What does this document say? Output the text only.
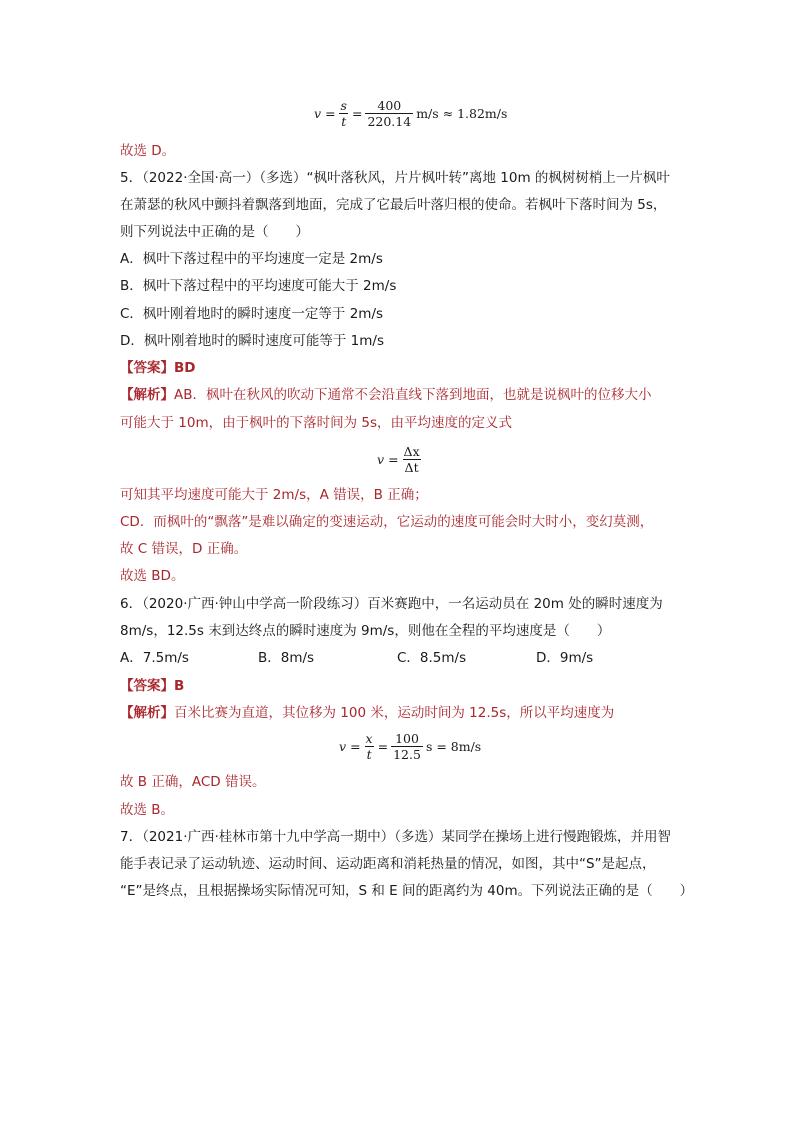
$v = \frac{s}{t} = \frac{400}{220.14} m/s \approx 1.82m/s$
故选 D。
5．（2022·全国·高一）（多选）“枫叶落秋风，片片枫叶转”离地 10m 的枫树树梢上一片枫叶
在萧瑟的秋风中颤抖着飘落到地面，完成了它最后叶落归根的使命。若枫叶下落时间为 5s，
则下列说法中正确的是（　　）
A．枫叶下落过程中的平均速度一定是 2m/s
B．枫叶下落过程中的平均速度可能大于 2m/s
C．枫叶刚着地时的瞬时速度一定等于 2m/s
D．枫叶刚着地时的瞬时速度可能等于 1m/s
【答案】BD
【解析】AB．枫叶在秋风的吹动下通常不会沿直线下落到地面，也就是说枫叶的位移大小
可能大于 10m，由于枫叶的下落时间为 5s，由平均速度的定义式
$v = \frac{\Delta x}{\Delta t}$
可知其平均速度可能大于 2m/s，A 错误，B 正确；
CD．而枫叶的“飘落”是难以确定的变速运动，它运动的速度可能会时大时小，变幻莫测，
故 C 错误，D 正确。
故选 BD。
6．（2020·广西·钟山中学高一阶段练习）百米赛跑中，一名运动员在 20m 处的瞬时速度为
8m/s，12.5s 末到达终点的瞬时速度为 9m/s，则他在全程的平均速度是（　　）
A．7.5m/s	B．8m/s	C．8.5m/s	D．9m/s
【答案】B
【解析】百米比赛为直道，其位移为 100 米，运动时间为 12.5s，所以平均速度为
$v = \frac{x}{t} = \frac{100}{12.5}$ s = 8m/s
故 B 正确，ACD 错误。
故选 B。
7．（2021·广西·桂林市第十九中学高一期中）（多选）某同学在操场上进行慢跑锻炼，并用智
能手表记录了运动轨迹、运动时间、运动距离和消耗热量的情况，如图，其中“S”是起点，
“E”是终点，且根据操场实际情况可知，S 和 E 间的距离约为 40m。下列说法正确的是（　　）
